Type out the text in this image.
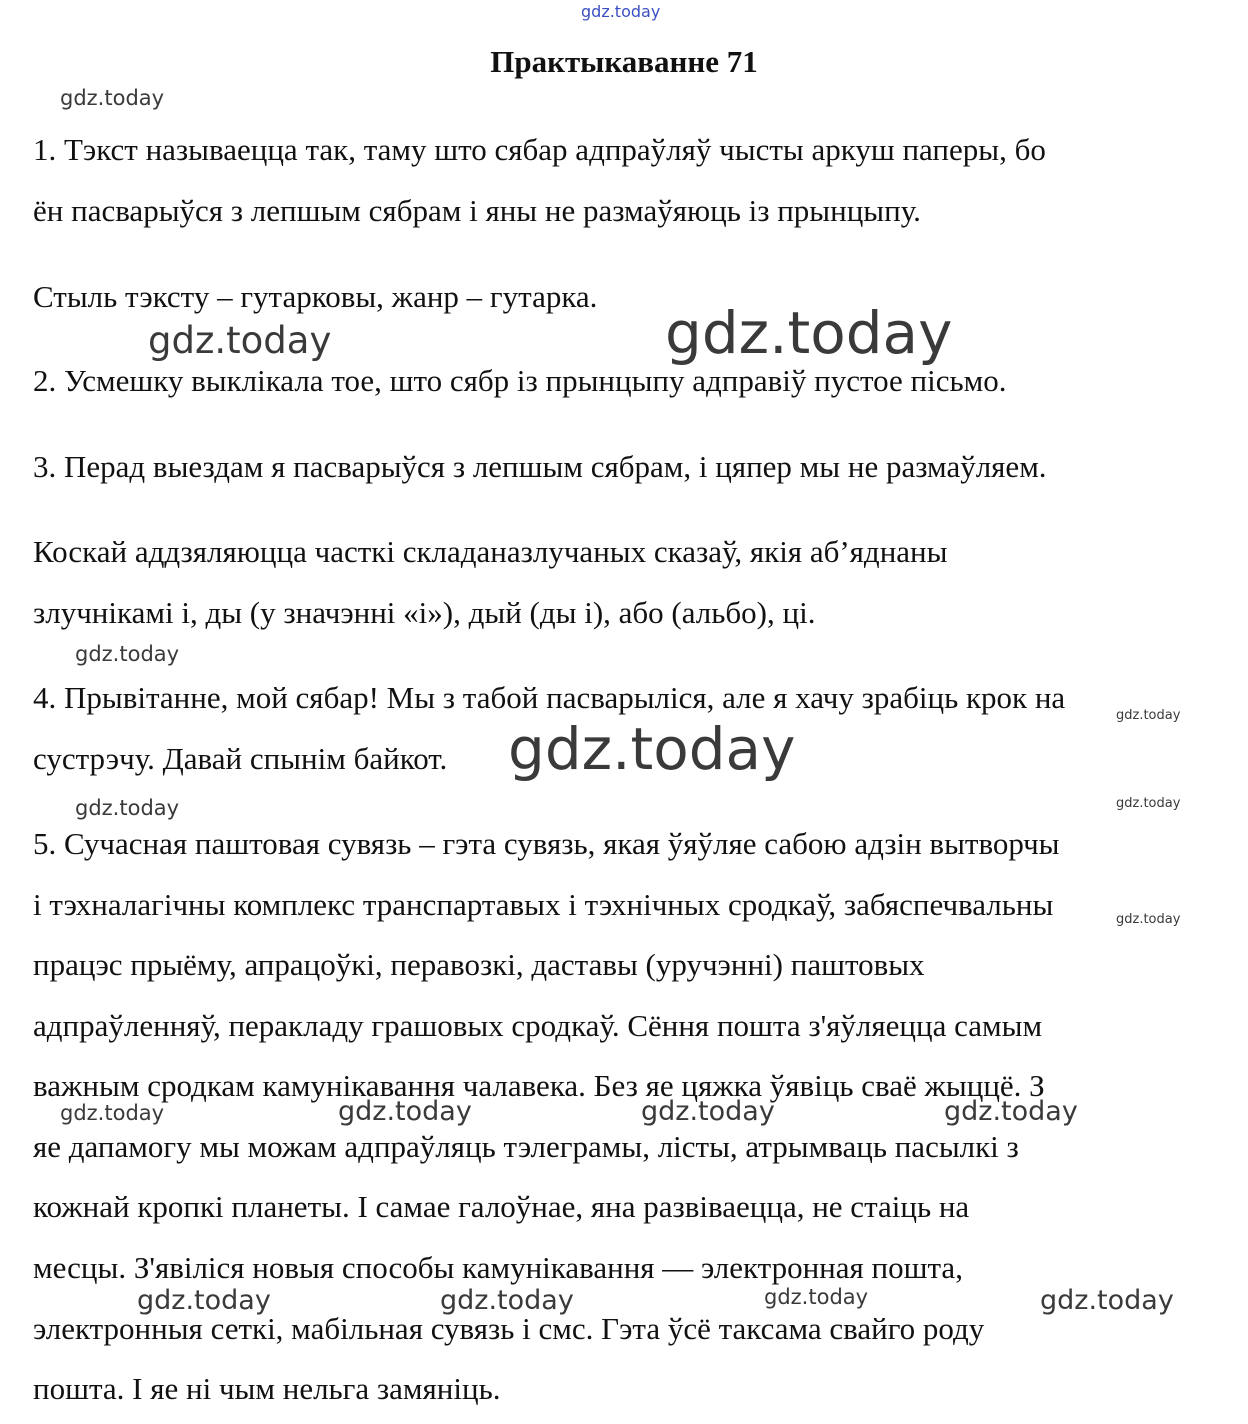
Практыкаванне 71
1. Тэкст называецца так, таму што сябар адпраўляў чысты аркуш паперы, бо
ён пасварыўся з лепшым сябрам і яны не размаўяюць із прынцыпу.
Стыль тэксту – гутарковы, жанр – гутарка.
2. Усмешку выклікала тое, што сябр із прынцыпу адправіў пустое пісьмо.
3. Перад выездам я пасварыўся з лепшым сябрам, і цяпер мы не размаўляем.
Коскай аддзяляюцца часткі складаназлучаных сказаў, якія аб’яднаны
злучнікамі і, ды (у значэнні «і»), дый (ды і), або (альбо), ці.
4. Прывітанне, мой сябар! Мы з табой пасварыліся, але я хачу зрабіць крок на
сустрэчу. Давай спынім байкот.
5. Сучасная паштовая сувязь – гэта сувязь, якая ўяўляе сабою адзін вытворчы
і тэхналагічны комплекс транспартавых і тэхнічных сродкаў, забяспечвальны
працэс прыёму, апрацоўкі, перавозкі, даставы (уручэнні) паштовых
адпраўленняў, перакладу грашовых сродкаў. Сёння пошта з'яўляецца самым
важным сродкам камунікавання чалавека. Без яе цяжка ўявіць сваё жыццё. З
яе дапамогу мы можам адпраўляць тэлеграмы, лісты, атрымваць пасылкі з
кожнай кропкі планеты. І самае галоўнае, яна развіваецца, не стаіць на
месцы. З'явіліся новыя способы камунікавання — электронная пошта,
электронныя сеткі, мабільная сувязь і смс. Гэта ўсё таксама свайго роду
пошта. І яе ні чым нельга замяніць.
gdz.today
gdz.today
gdz.today	gdz.today
gdz.today
gdz.today
gdz.today
gdz.today	gdz.today
gdz.today
gdz.today	gdz.today	gdz.today	gdz.today
gdz.today	gdz.today	gdz.today	gdz.today
